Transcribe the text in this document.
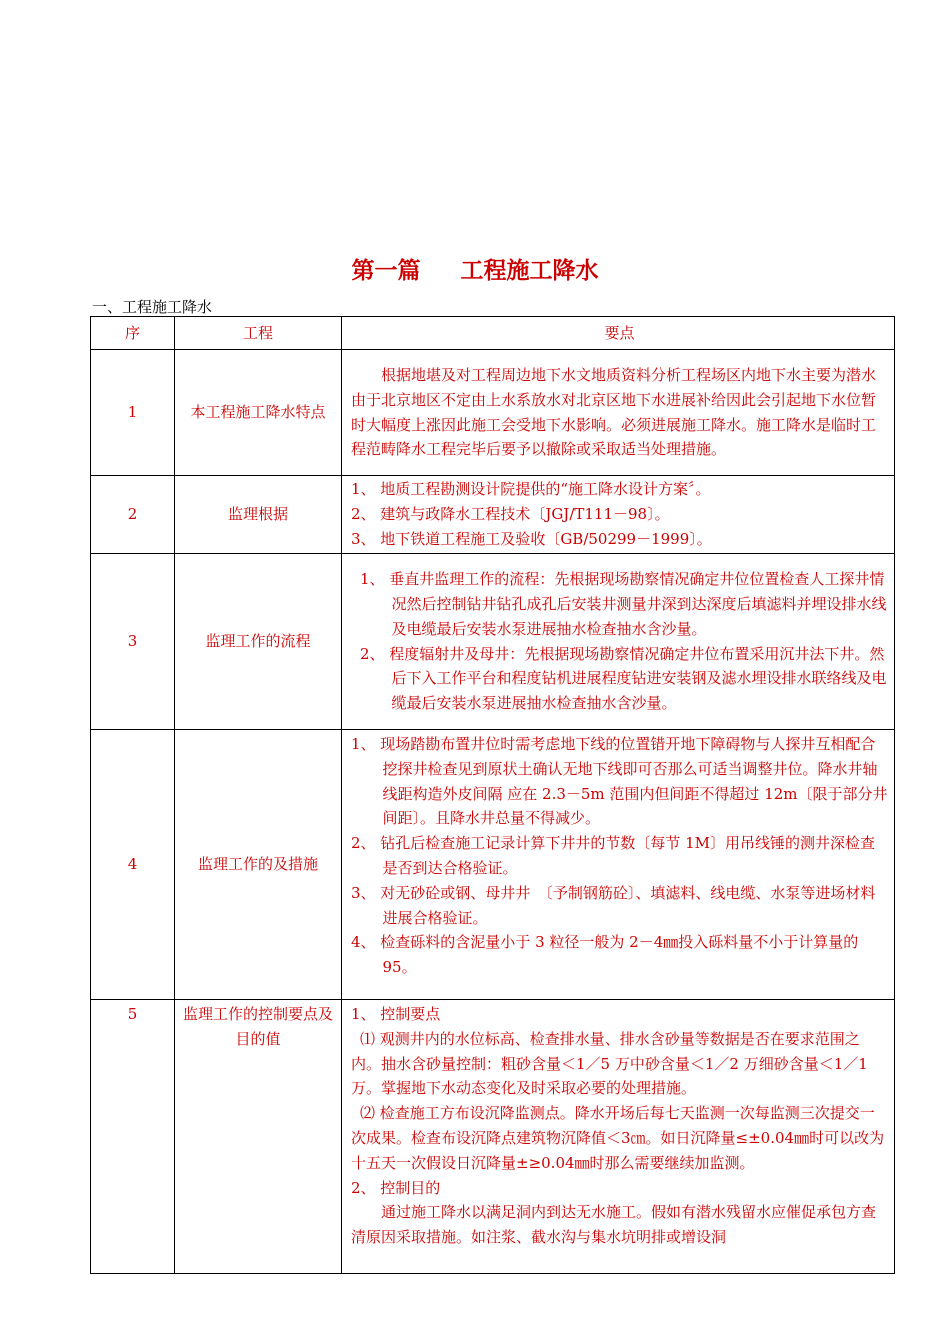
第一篇 工程施工降水
一、工程施工降水
序	工程	要点
1	本工程施工降水特点	根据地堪及对工程周边地下水文地质资料分析工程场区内地下水主要为潜水由于北京地区不定由上水系放水对北京区地下水进展补给因此会引起地下水位暂时大幅度上涨因此施工会受地下水影响。必须进展施工降水。施工降水是临时工程范畴降水工程完毕后要予以撤除或采取适当处理措施。

2	监理根据	1、 地质工程勘测设计院提供的“施工降水设计方案〞。

2、 建筑与政降水工程技术〔JGJ/T111－98〕。

3、 地下铁道工程施工及验收〔GB/50299－1999〕。

3	监理工作的流程	1、 垂直井监理工作的流程：先根据现场勘察情况确定井位位置检查人工探井情况然后控制钻井钻孔成孔后安装井测量井深到达深度后填滤料并埋设排水线及电缆最后安装水泵进展抽水检查抽水含沙量。

2、 程度辐射井及母井：先根据现场勘察情况确定井位布置采用沉井法下井。然后下入工作平台和程度钻机进展程度钻进安装钢及滤水埋设排水联络线及电缆最后安装水泵进展抽水检查抽水含沙量。

4	监理工作的及措施	1、 现场踏勘布置井位时需考虑地下线的位置错开地下障碍物与人探井互相配合挖探井检查见到原状土确认无地下线即可否那么可适当调整井位。降水井轴线距构造外皮间隔 应在 2.3－5m 范围内但间距不得超过 12m〔限于部分井间距〕。且降水井总量不得减少。

2、 钻孔后检查施工记录计算下井井的节数〔每节 1M〕用吊线锤的测井深检查是否到达合格验证。

3、 对无砂砼或钢、母井井　〔予制钢筋砼〕、填滤料、线电缆、水泵等进场材料进展合格验证。

4、 检查砾料的含泥量小于 3 粒径一般为 2－4㎜投入砾料量不小于计算量的 95。

5	监理工作的控制要点及目的值	1、 控制要点

⑴ 观测井内的水位标高、检查排水量、排水含砂量等数据是否在要求范围之内。抽水含砂量控制：粗砂含量＜1／5 万中砂含量＜1／2 万细砂含量＜1／1 万。掌握地下水动态变化及时采取必要的处理措施。

⑵ 检查施工方布设沉降监测点。降水开场后每七天监测一次每监测三次提交一次成果。检查布设沉降点建筑物沉降值＜3㎝。如日沉降量≤±0.04㎜时可以改为十五天一次假设日沉降量±≥0.04㎜时那么需要继续加监测。

2、 控制目的

通过施工降水以满足洞内到达无水施工。假如有潜水残留水应催促承包方查清原因采取措施。如注浆、截水沟与集水坑明排或增设洞
